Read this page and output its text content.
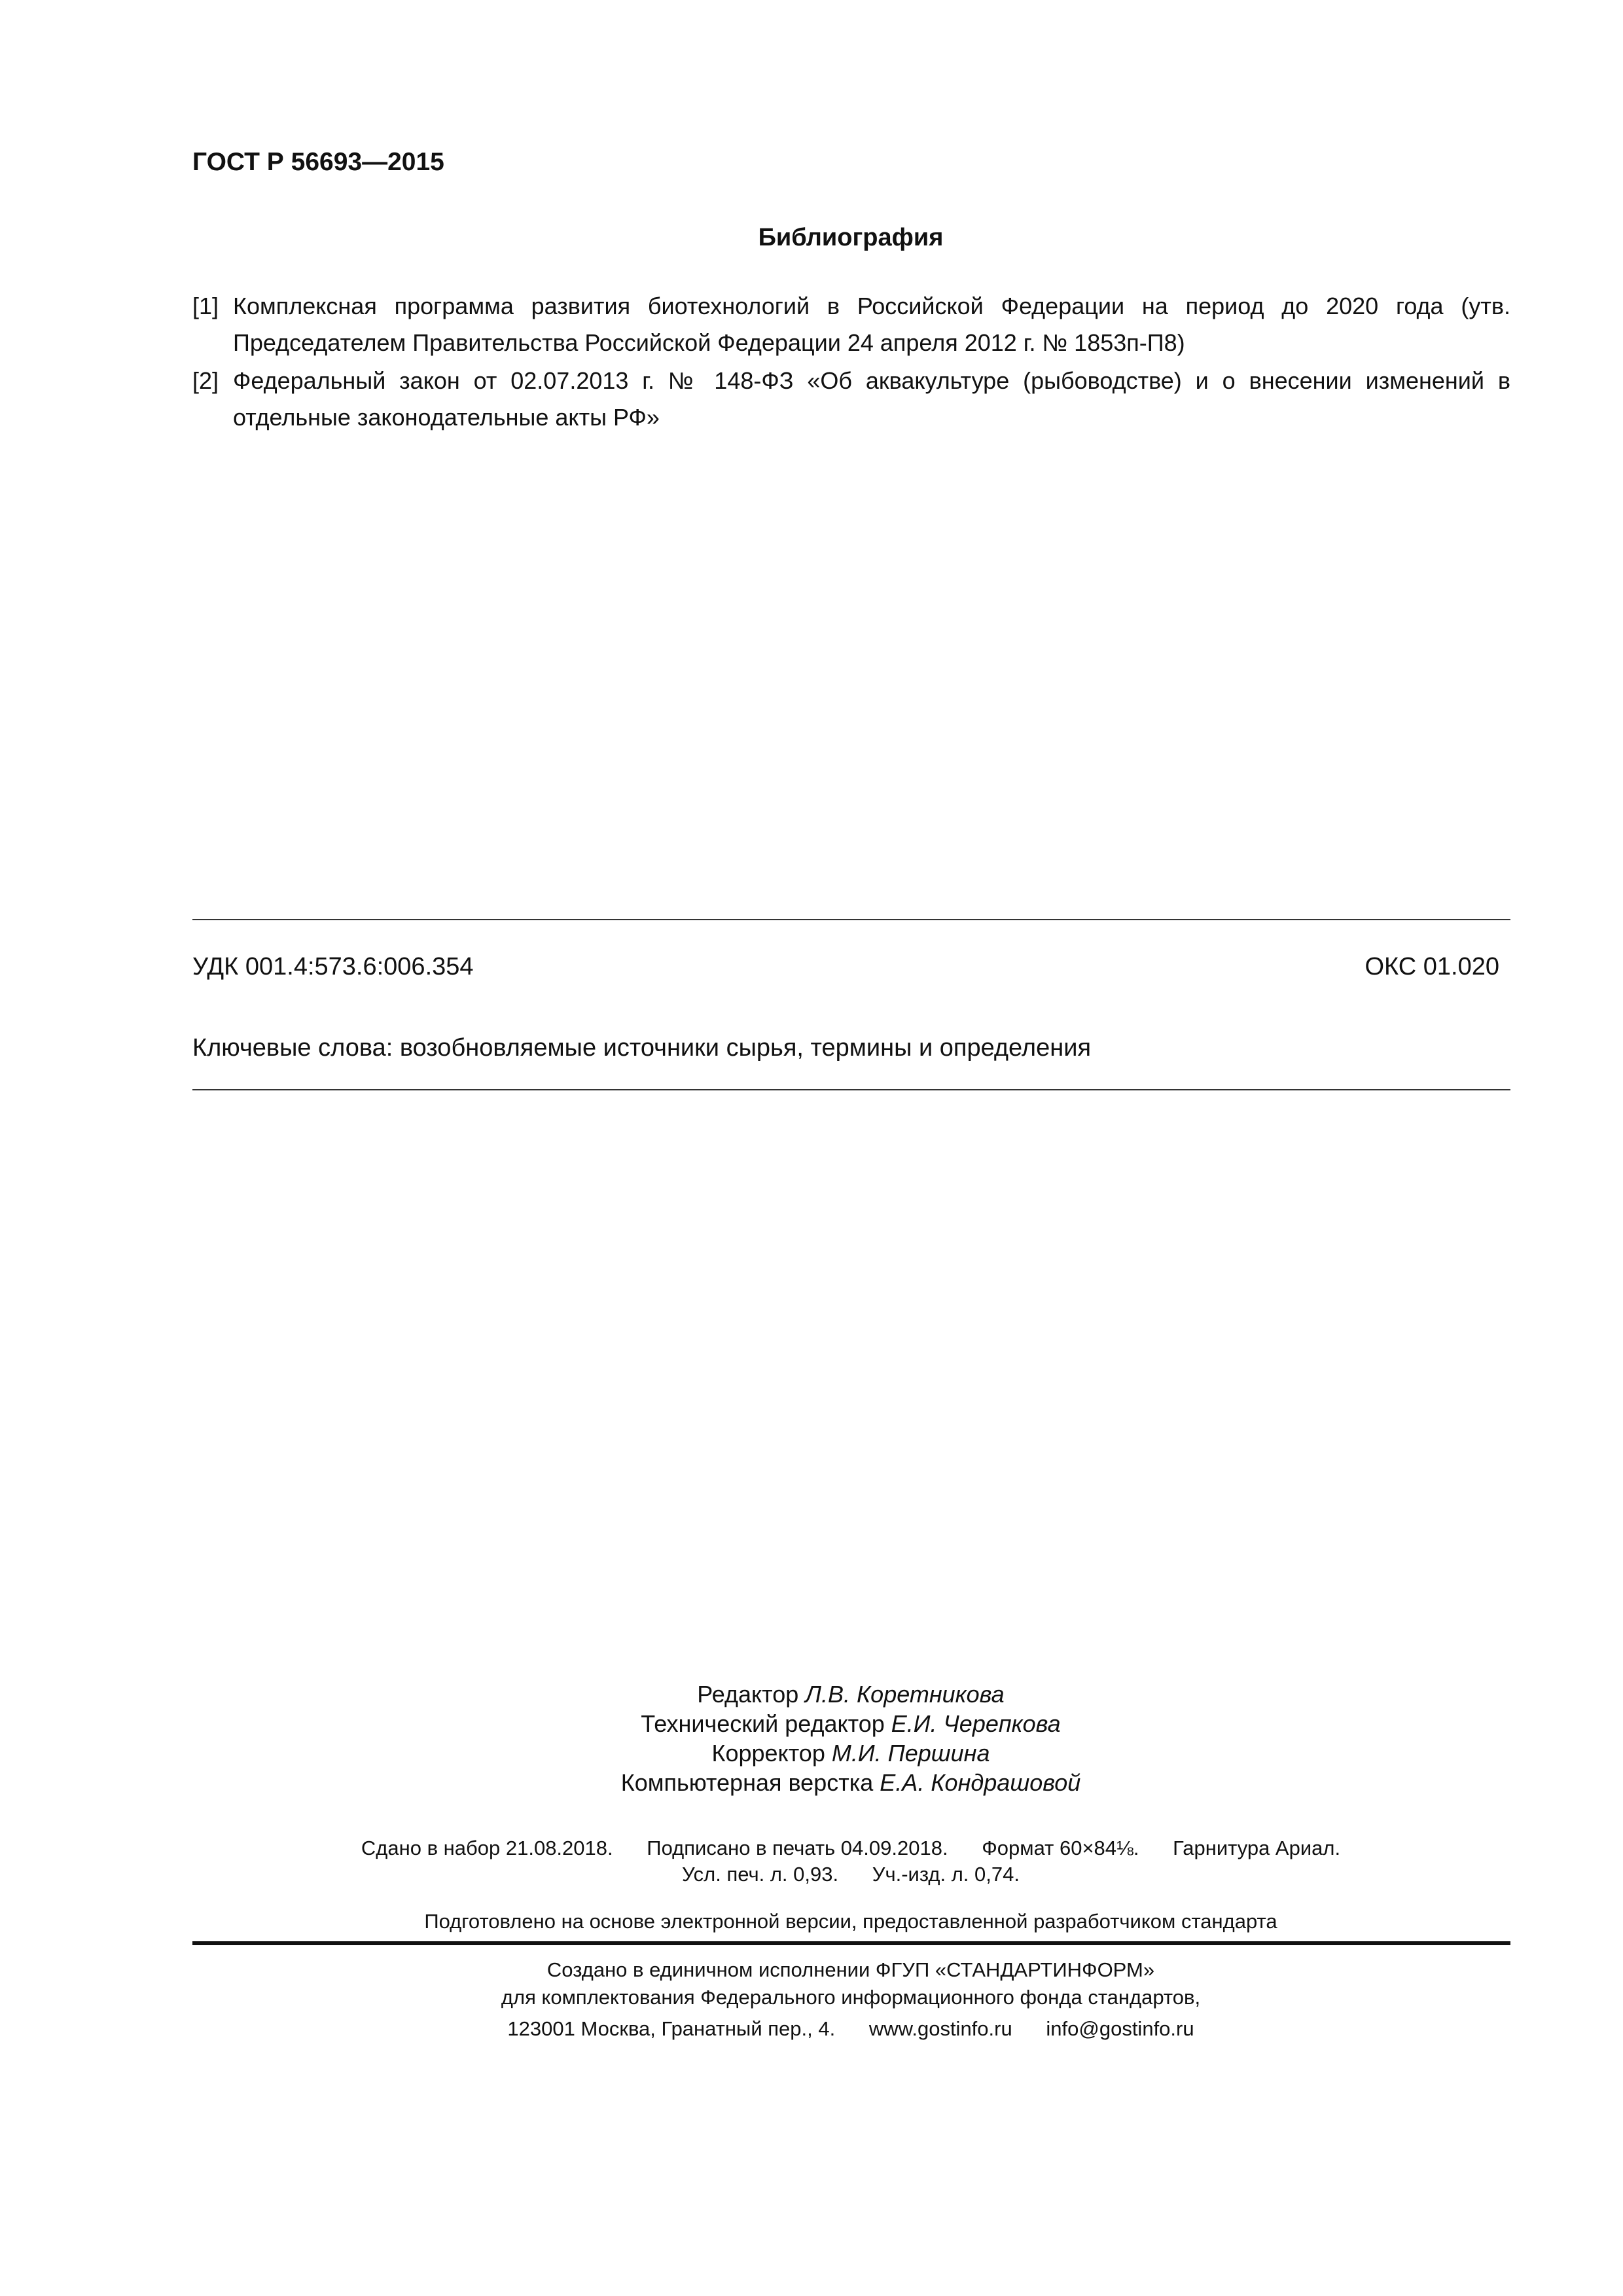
ГОСТ Р 56693—2015
Библиография
[1] Комплексная программа развития биотехнологий в Российской Федерации на период до 2020 года (утв. Председателем Правительства Российской Федерации 24 апреля 2012 г. № 1853п-П8)
[2] Федеральный закон от 02.07.2013 г. № 148-ФЗ «Об аквакультуре (рыбоводстве) и о внесении изменений в отдельные законодательные акты РФ»
УДК 001.4:573.6:006.354	ОКС 01.020
Ключевые слова: возобновляемые источники сырья, термины и определения
Редактор Л.В. Коретникова
Технический редактор Е.И. Черепкова
Корректор М.И. Першина
Компьютерная верстка Е.А. Кондрашовой
Сдано в набор 21.08.2018.      Подписано в печать 04.09.2018.      Формат 60×84⅛.      Гарнитура Ариал.
Усл. печ. л. 0,93.      Уч.-изд. л. 0,74.
Подготовлено на основе электронной версии, предоставленной разработчиком стандарта
Создано в единичном исполнении ФГУП «СТАНДАРТИНФОРМ»
для комплектования Федерального информационного фонда стандартов,
123001 Москва, Гранатный пер., 4.      www.gostinfo.ru      info@gostinfo.ru
